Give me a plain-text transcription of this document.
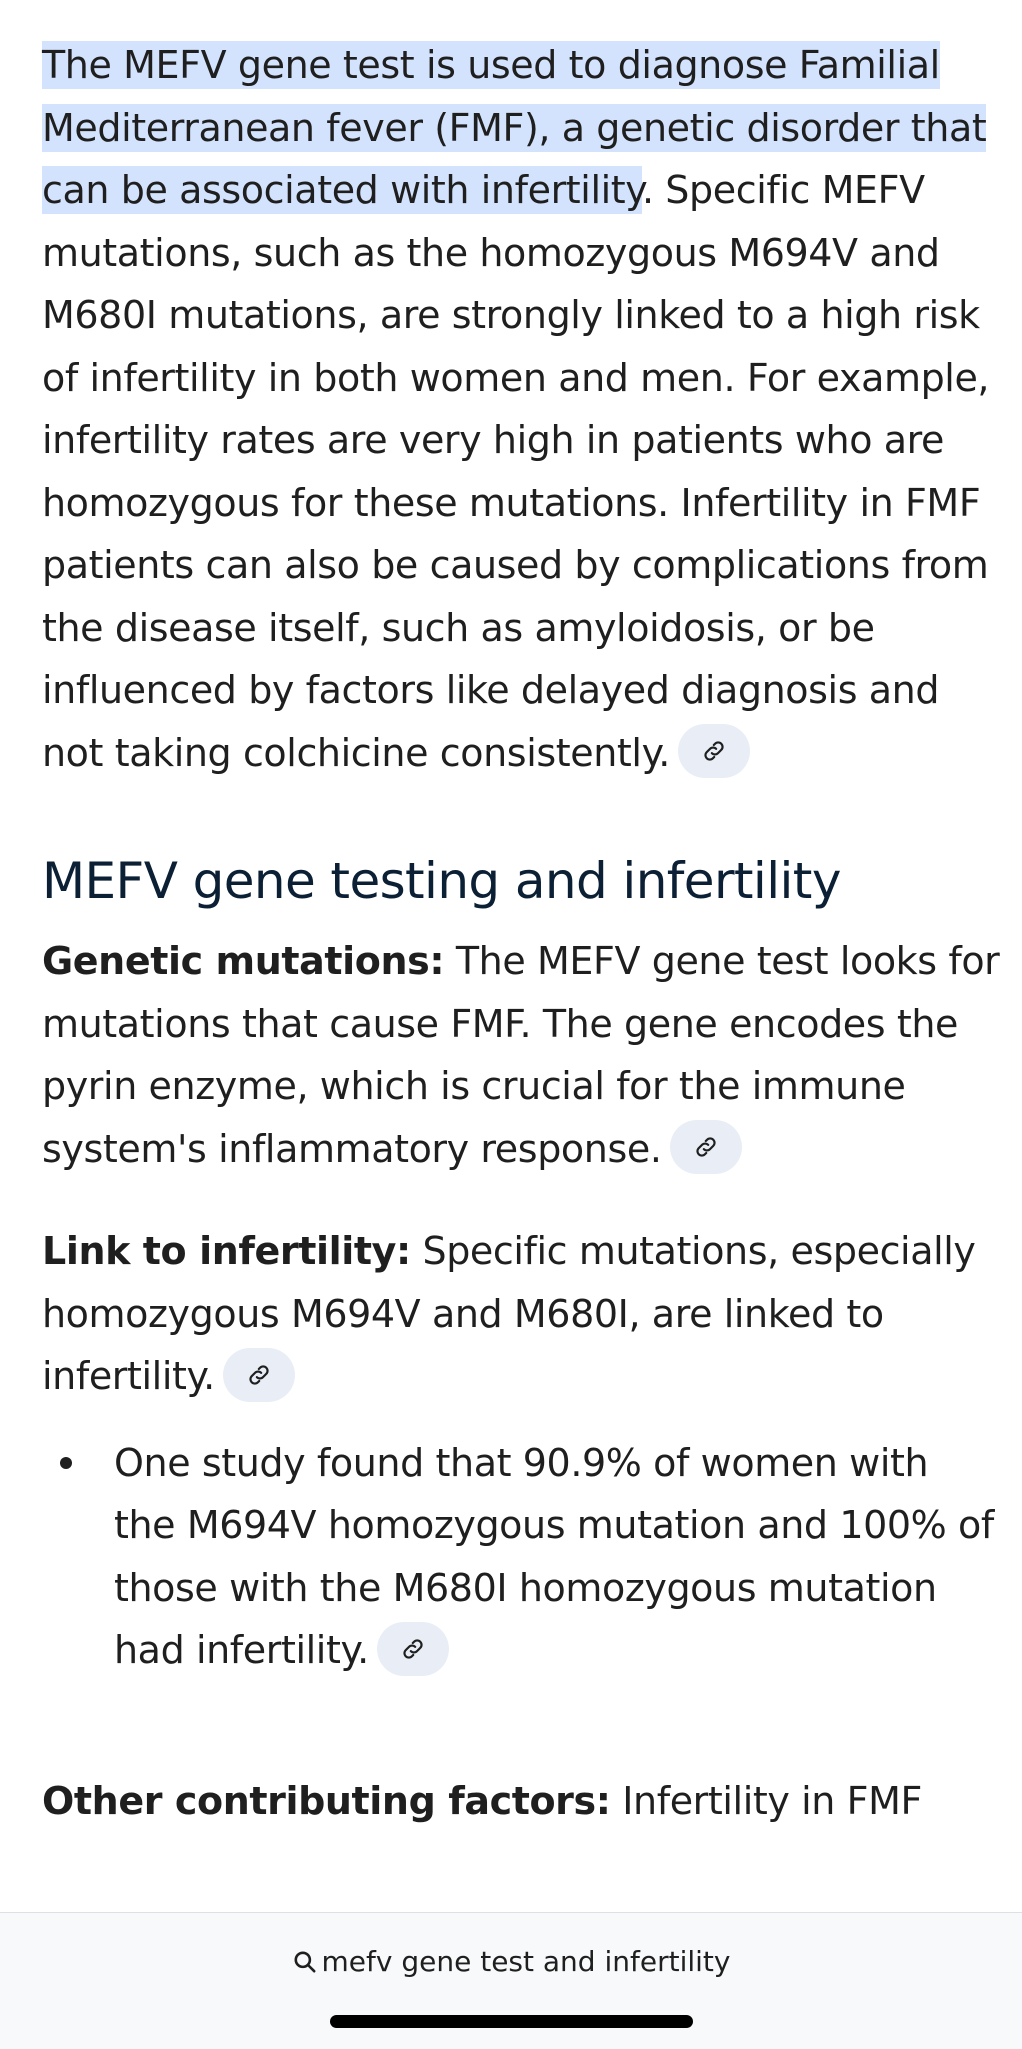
The MEFV gene test is used to diagnose Familial Mediterranean fever (FMF), a genetic disorder that can be associated with infertility. Specific MEFV mutations, such as the homozygous M694V and M680I mutations, are strongly linked to a high risk of infertility in both women and men. For example, infertility rates are very high in patients who are homozygous for these mutations. Infertility in FMF patients can also be caused by complications from the disease itself, such as amyloidosis, or be influenced by factors like delayed diagnosis and not taking colchicine consistently.

MEFV gene testing and infertility

Genetic mutations: The MEFV gene test looks for mutations that cause FMF. The gene encodes the pyrin enzyme, which is crucial for the immune system's inflammatory response.

Link to infertility: Specific mutations, especially homozygous M694V and M680I, are linked to infertility.

One study found that 90.9% of women with the M694V homozygous mutation and 100% of those with the M680I homozygous mutation had infertility.

Other contributing factors: Infertility in FMF

mefv gene test and infertility
